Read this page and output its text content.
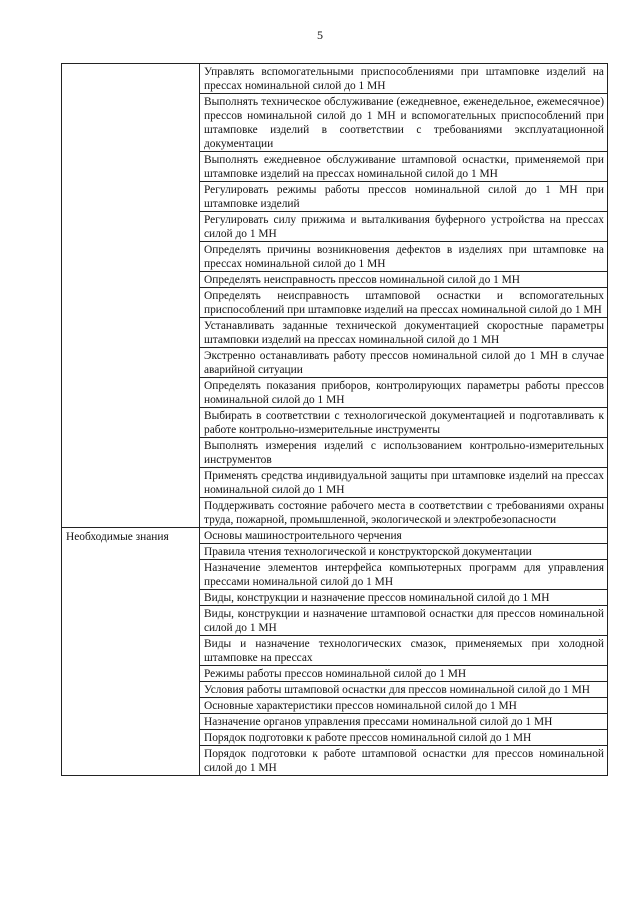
5
	Управлять вспомогательными приспособлениями при штамповке изделий на прессах номинальной силой до 1 МН
	Выполнять техническое обслуживание (ежедневное, еженедельное, ежемесячное) прессов номинальной силой до 1 МН и вспомогательных приспособлений при штамповке изделий в соответствии с требованиями эксплуатационной документации
	Выполнять ежедневное обслуживание штамповой оснастки, применяемой при штамповке изделий на прессах номинальной силой до 1 МН
	Регулировать режимы работы прессов номинальной силой до 1 МН при штамповке изделий
	Регулировать силу прижима и выталкивания буферного устройства на прессах силой до 1 МН
	Определять причины возникновения дефектов в изделиях при штамповке на прессах номинальной силой до 1 МН
	Определять неисправность прессов номинальной силой до 1 МН
	Определять неисправность штамповой оснастки и вспомогательных приспособлений при штамповке изделий на прессах номинальной силой до 1 МН
	Устанавливать заданные технической документацией скоростные параметры штамповки изделий на прессах номинальной силой до 1 МН
	Экстренно останавливать работу прессов номинальной силой до 1 МН в случае аварийной ситуации
	Определять показания приборов, контролирующих параметры работы прессов номинальной силой до 1 МН
	Выбирать в соответствии с технологической документацией и подготавливать к работе контрольно-измерительные инструменты
	Выполнять измерения изделий с использованием контрольно-измерительных инструментов
	Применять средства индивидуальной защиты при штамповке изделий на прессах номинальной силой до 1 МН
	Поддерживать состояние рабочего места в соответствии с требованиями охраны труда, пожарной, промышленной, экологической и электробезопасности

Необходимые знания	Основы машиностроительного черчения
	Правила чтения технологической и конструкторской документации
	Назначение элементов интерфейса компьютерных программ для управления прессами номинальной силой до 1 МН
	Виды, конструкции и назначение прессов номинальной силой до 1 МН
	Виды, конструкции и назначение штамповой оснастки для прессов номинальной силой до 1 МН
	Виды и назначение технологических смазок, применяемых при холодной штамповке на прессах
	Режимы работы прессов номинальной силой до 1 МН
	Условия работы штамповой оснастки для прессов номинальной силой до 1 МН
	Основные характеристики прессов номинальной силой до 1 МН
	Назначение органов управления прессами номинальной силой до 1 МН
	Порядок подготовки к работе прессов номинальной силой до 1 МН
	Порядок подготовки к работе штамповой оснастки для прессов номинальной силой до 1 МН
